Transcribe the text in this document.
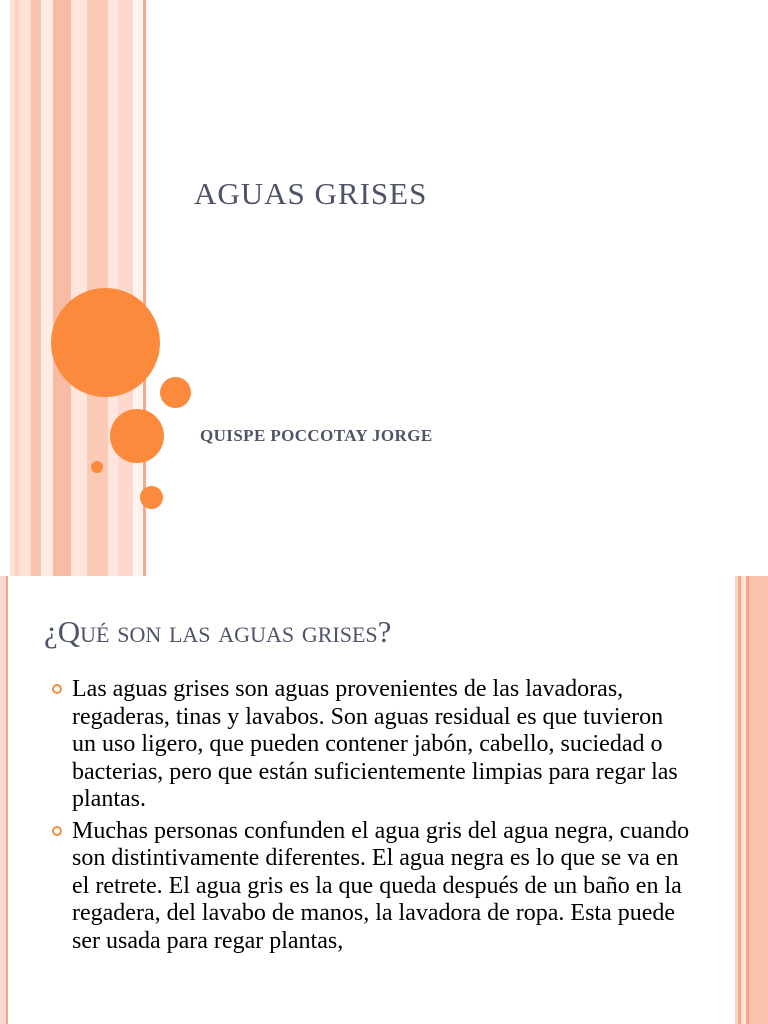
AGUAS GRISES

QUISPE POCCOTAY JORGE

¿Qué son las aguas grises?
Las aguas grises son aguas provenientes de las lavadoras, regaderas, tinas y lavabos. Son aguas residual es que tuvieron un uso ligero, que pueden contener jabón, cabello, suciedad o bacterias, pero que están suficientemente limpias para regar las plantas.
Muchas personas confunden el agua gris del agua negra, cuando son distintivamente diferentes. El agua negra es lo que se va en el retrete. El agua gris es la que queda después de un baño en la regadera, del lavabo de manos, la lavadora de ropa. Esta puede ser usada para regar plantas,
